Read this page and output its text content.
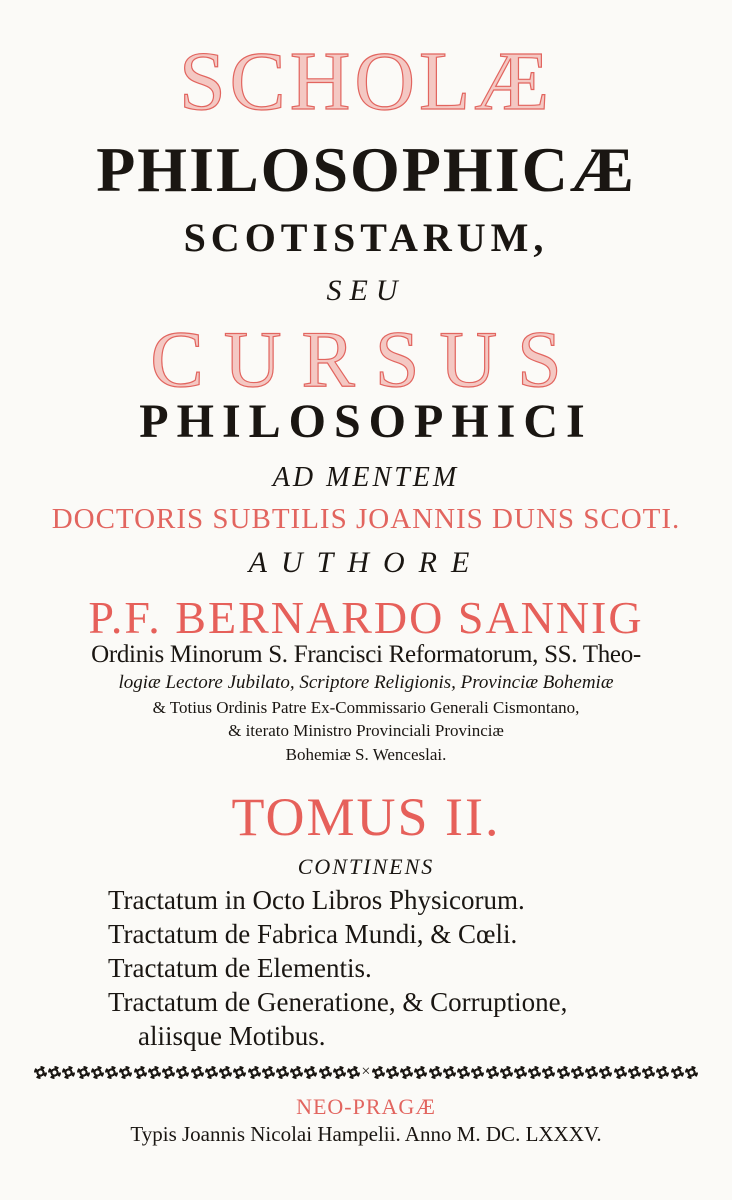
SCHOLÆ
PHILOSOPHICÆ
SCOTISTARUM,
SEU
CURSUS
PHILOSOPHICI
AD MENTEM
DOCTORIS SUBTILIS JOANNIS DUNS SCOTI.
AUTHORE
P.F. BERNARDO SANNIG
Ordinis Minorum S. Francisci Reformatorum, SS. Theo-
logiæ Lectore Jubilato, Scriptore Religionis, Provinciæ Bohemiæ
& Totius Ordinis Patre Ex-Commissario Generali Cismontano,
& iterato Ministro Provinciali Provinciæ
Bohemiæ S. Wenceslai.
TOMUS II.
CONTINENS
Tractatum in Octo Libros Physicorum.
Tractatum de Fabrica Mundi, & Cœli.
Tractatum de Elementis.
Tractatum de Generatione, & Corruptione,
aliisque Motibus.
×
NEO-PRAGÆ
Typis Joannis Nicolai Hampelii. Anno M. DC. LXXXV.
